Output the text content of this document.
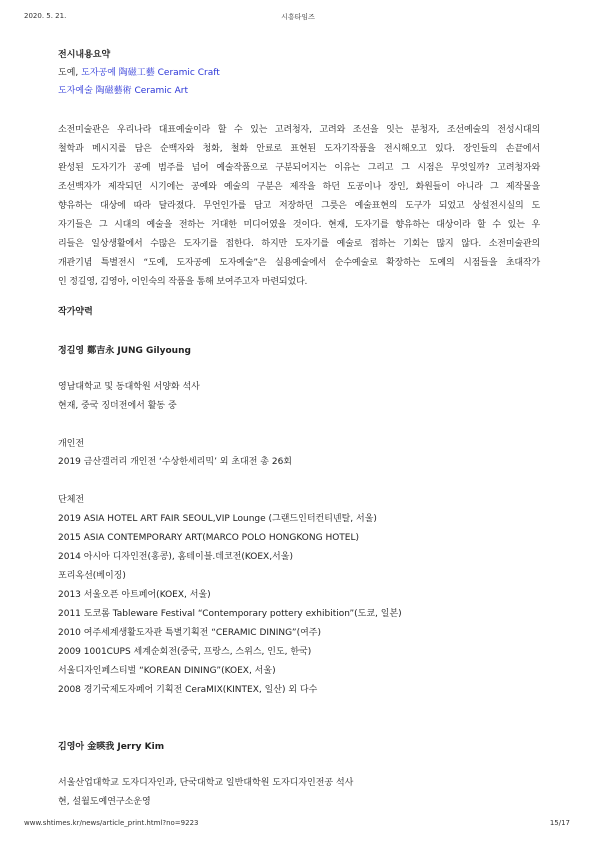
2020. 5. 21.	시흥타임즈
전시내용요약
도예, 도자공예 陶磁工藝 Ceramic Craft
도자예술 陶磁藝術 Ceramic Art
소전미술관은 우리나라 대표예술이라 할 수 있는 고려청자, 고려와 조선을 잇는 분청자, 조선예술의 전성시대의
철학과 메시지를 담은 순백자와 청화, 철화 안료로 표현된 도자기작품을 전시해오고 있다. 장인들의 손끝에서
완성된 도자기가 공예 범주를 넘어 예술작품으로 구분되어지는 이유는 그리고 그 시점은 무엇일까? 고려청자와
조선백자가 제작되던 시기에는 공예와 예술의 구분은 제작을 하던 도공이나 장인, 화원들이 아니라 그 제작물을
향유하는 대상에 따라 달라졌다. 무언인가를 담고 저장하던 그릇은 예술표현의 도구가 되었고 상설전시실의 도
자기들은 그 시대의 예술을 전하는 거대한 미디어였을 것이다. 현재, 도자기를 향유하는 대상이라 할 수 있는 우
리들은 일상생활에서 수많은 도자기를 접한다. 하지만 도자기를 예술로 접하는 기회는 많지 않다. 소전미술관의
개관기념 특별전시 “도예, 도자공예 도자예술”은 실용예술에서 순수예술로 확장하는 도예의 시점들을 초대작가
인 정길영, 김영아, 이인숙의 작품을 통해 보여주고자 마련되었다.
작가약력
정길영 鄭吉永 JUNG Gilyoung
영남대학교 및 동대학원 서양화 석사
현재, 중국 징더전에서 활동 중
개인전
2019 금산갤러리 개인전 ‘수상한세리믹’ 외 초대전 총 26회
단체전
2019 ASIA HOTEL ART FAIR SEOUL,VIP Lounge (그랜드인터컨티넨탈, 서울)
2015 ASIA CONTEMPORARY ART(MARCO POLO HONGKONG HOTEL)
2014 아시아 디자인전(홍콩), 홈테이블.데코전(KOEX,서울)
포리옥선(베이징)
2013 서울오픈 아트페어(KOEX, 서울)
2011 도코롬 Tableware Festival “Contemporary pottery exhibition”(도쿄, 일본)
2010 여주세계생활도자관 특별기획전 “CERAMIC DINING”(여주)
2009 1001CUPS 세계순회전(중국, 프랑스, 스위스, 인도, 한국)
서울디자인페스티벌 “KOREAN DINING”(KOEX, 서울)
2008 경기국제도자페어 기획전 CeraMIX(KINTEX, 일산) 외 다수
김영아 金暎我 Jerry Kim
서울산업대학교 도자디자인과, 단국대학교 일반대학원 도자디자인전공 석사
현, 설월도예연구소운영
www.shtimes.kr/news/article_print.html?no=9223	15/17
